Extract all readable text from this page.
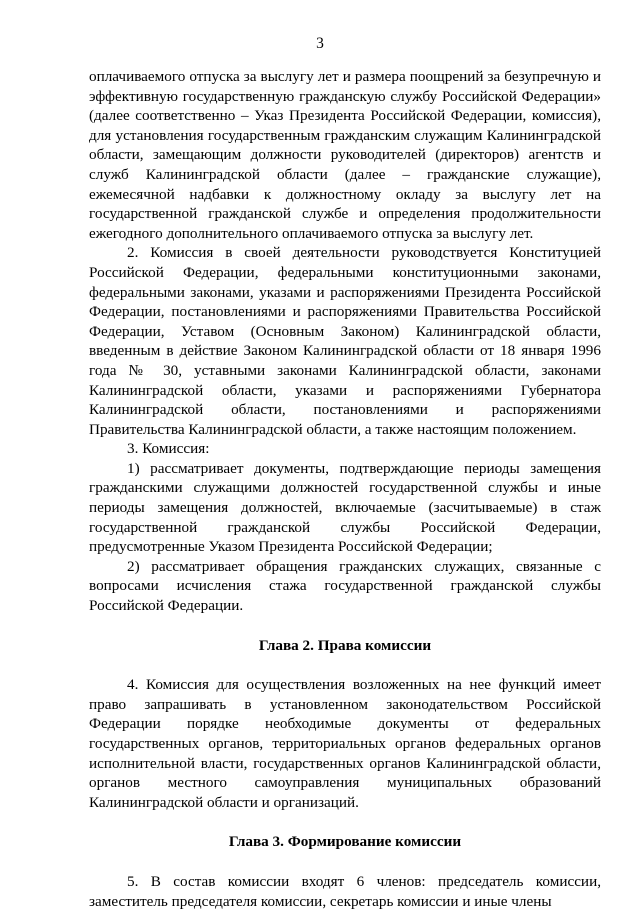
3

оплачиваемого отпуска за выслугу лет и размера поощрений за безупречную и эффективную государственную гражданскую службу Российской Федерации» (далее соответственно – Указ Президента Российской Федерации, комиссия), для установления государственным гражданским служащим Калининградской области, замещающим должности руководителей (директоров) агентств и служб Калининградской области (далее – гражданские служащие), ежемесячной надбавки к должностному окладу за выслугу лет на государственной гражданской службе и определения продолжительности ежегодного дополнительного оплачиваемого отпуска за выслугу лет.

2. Комиссия в своей деятельности руководствуется Конституцией Российской Федерации, федеральными конституционными законами, федеральными законами, указами и распоряжениями Президента Российской Федерации, постановлениями и распоряжениями Правительства Российской Федерации, Уставом (Основным Законом) Калининградской области, введенным в действие Законом Калининградской области от 18 января 1996 года № 30, уставными законами Калининградской области, законами Калининградской области, указами и распоряжениями Губернатора Калининградской области, постановлениями и распоряжениями Правительства Калининградской области, а также настоящим положением.

3. Комиссия:

1) рассматривает документы, подтверждающие периоды замещения гражданскими служащими должностей государственной службы и иные периоды замещения должностей, включаемые (засчитываемые) в стаж государственной гражданской службы Российской Федерации, предусмотренные Указом Президента Российской Федерации;

2) рассматривает обращения гражданских служащих, связанные с вопросами исчисления стажа государственной гражданской службы Российской Федерации.

Глава 2. Права комиссии

4. Комиссия для осуществления возложенных на нее функций имеет право запрашивать в установленном законодательством Российской Федерации порядке необходимые документы от федеральных государственных органов, территориальных органов федеральных органов исполнительной власти, государственных органов Калининградской области, органов местного самоуправления муниципальных образований Калининградской области и организаций.

Глава 3. Формирование комиссии

5. В состав комиссии входят 6 членов: председатель комиссии, заместитель председателя комиссии, секретарь комиссии и иные члены
